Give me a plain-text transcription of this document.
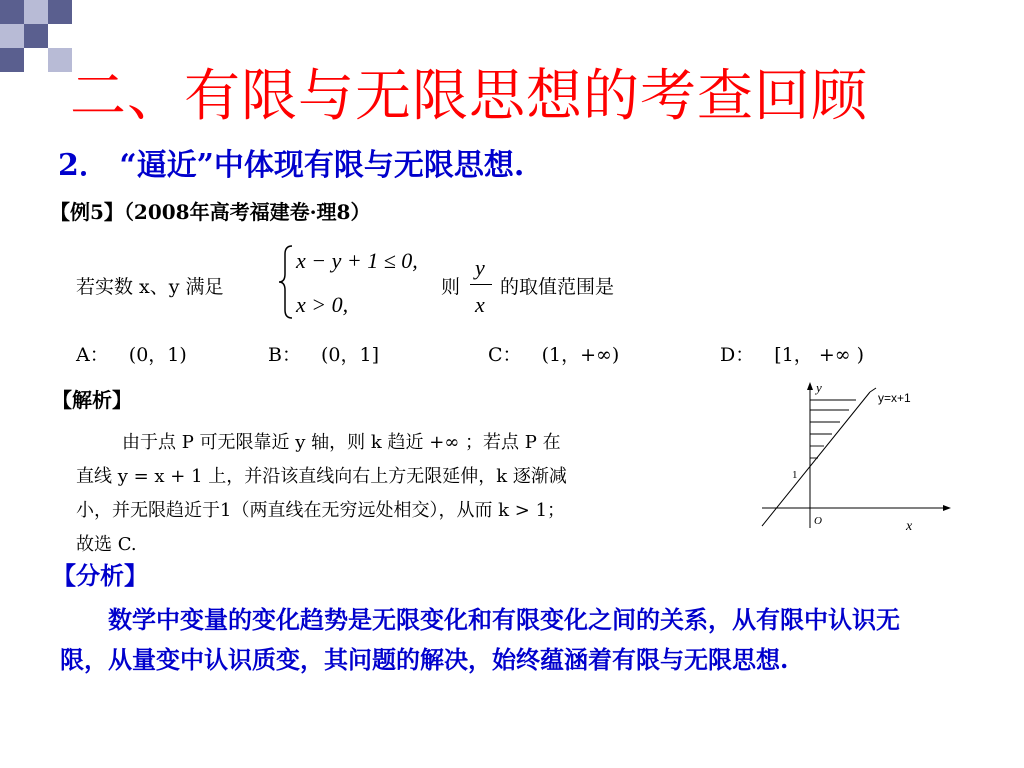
二、有限与无限思想的考查回顾
2． “逼近”中体现有限与无限思想.
【例5】（2008年高考福建卷·理8）
若实数 x、y 满足
x − y + 1 ≤ 0,
x > 0,
则
y
x
的取值范围是
A： (0，1)	B： (0，1]	C： (1，+∞)	D： [1， +∞ )
【解析】
由于点 P 可无限靠近 y 轴，则 k 趋近 +∞ ；若点 P 在
直线 y = x + 1 上，并沿该直线向右上方无限延伸，k 逐渐减
小，并无限趋近于1（两直线在无穷远处相交），从而 k > 1；
故选 C.
y
x
O
1
y=x+1
【分析】
数学中变量的变化趋势是无限变化和有限变化之间的关系，从有限中认识无
限，从量变中认识质变，其问题的解决，始终蕴涵着有限与无限思想.
